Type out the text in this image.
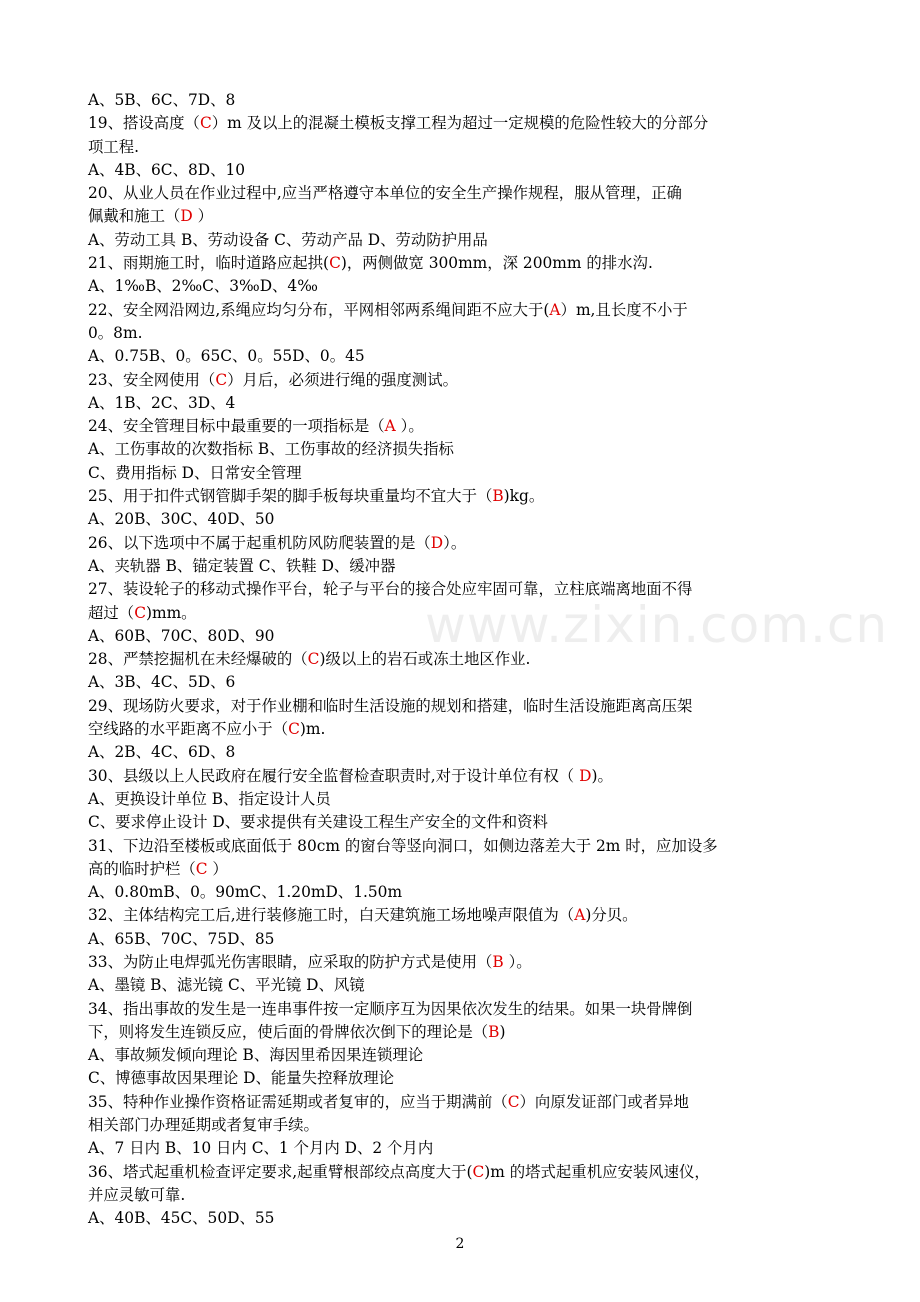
A、5B、6C、7D、8
19、搭设高度（C）m 及以上的混凝土模板支撑工程为超过一定规模的危险性较大的分部分
项工程.
A、4B、6C、8D、10
20、从业人员在作业过程中,应当严格遵守本单位的安全生产操作规程，服从管理，正确
佩戴和施工（D ）
A、劳动工具 B、劳动设备 C、劳动产品 D、劳动防护用品
21、雨期施工时，临时道路应起拱(C)，两侧做宽 300mm，深 200mm 的排水沟.
A、1‰B、2‰C、3‰D、4‰
22、安全网沿网边,系绳应均匀分布，平网相邻两系绳间距不应大于(A）m,且长度不小于
0。8m.
A、0.75B、0。65C、0。55D、0。45
23、安全网使用（C）月后，必须进行绳的强度测试。
A、1B、2C、3D、4
24、安全管理目标中最重要的一项指标是（A ）。
A、工伤事故的次数指标 B、工伤事故的经济损失指标
C、费用指标 D、日常安全管理
25、用于扣件式钢管脚手架的脚手板每块重量均不宜大于（B)kg。
A、20B、30C、40D、50
26、以下选项中不属于起重机防风防爬装置的是（D）。
A、夹轨器 B、锚定装置 C、铁鞋 D、缓冲器
27、装设轮子的移动式操作平台，轮子与平台的接合处应牢固可靠，立柱底端离地面不得
超过（C)mm。
A、60B、70C、80D、90
28、严禁挖掘机在未经爆破的（C)级以上的岩石或冻土地区作业.
A、3B、4C、5D、6
29、现场防火要求，对于作业棚和临时生活设施的规划和搭建，临时生活设施距离高压架
空线路的水平距离不应小于（C)m.
A、2B、4C、6D、8
30、县级以上人民政府在履行安全监督检查职责时,对于设计单位有权（ D)。
A、更换设计单位 B、指定设计人员
C、要求停止设计 D、要求提供有关建设工程生产安全的文件和资料
31、下边沿至楼板或底面低于 80cm 的窗台等竖向洞口，如侧边落差大于 2m 时，应加设多
高的临时护栏（C ）
A、0.80mB、0。90mC、1.20mD、1.50m
32、主体结构完工后,进行装修施工时，白天建筑施工场地噪声限值为（A)分贝。
A、65B、70C、75D、85
33、为防止电焊弧光伤害眼睛，应采取的防护方式是使用（B ）。
A、墨镜 B、滤光镜 C、平光镜 D、风镜
34、指出事故的发生是一连串事件按一定顺序互为因果依次发生的结果。如果一块骨牌倒
下，则将发生连锁反应，使后面的骨牌依次倒下的理论是（B)
A、事故频发倾向理论 B、海因里希因果连锁理论
C、博德事故因果理论 D、能量失控释放理论
35、特种作业操作资格证需延期或者复审的，应当于期满前（C）向原发证部门或者异地
相关部门办理延期或者复审手续。
A、7 日内 B、10 日内 C、1 个月内 D、2 个月内
36、塔式起重机检查评定要求,起重臂根部绞点高度大于(C)m 的塔式起重机应安装风速仪，
并应灵敏可靠.
A、40B、45C、50D、55
www.zixin.com.cn
2
